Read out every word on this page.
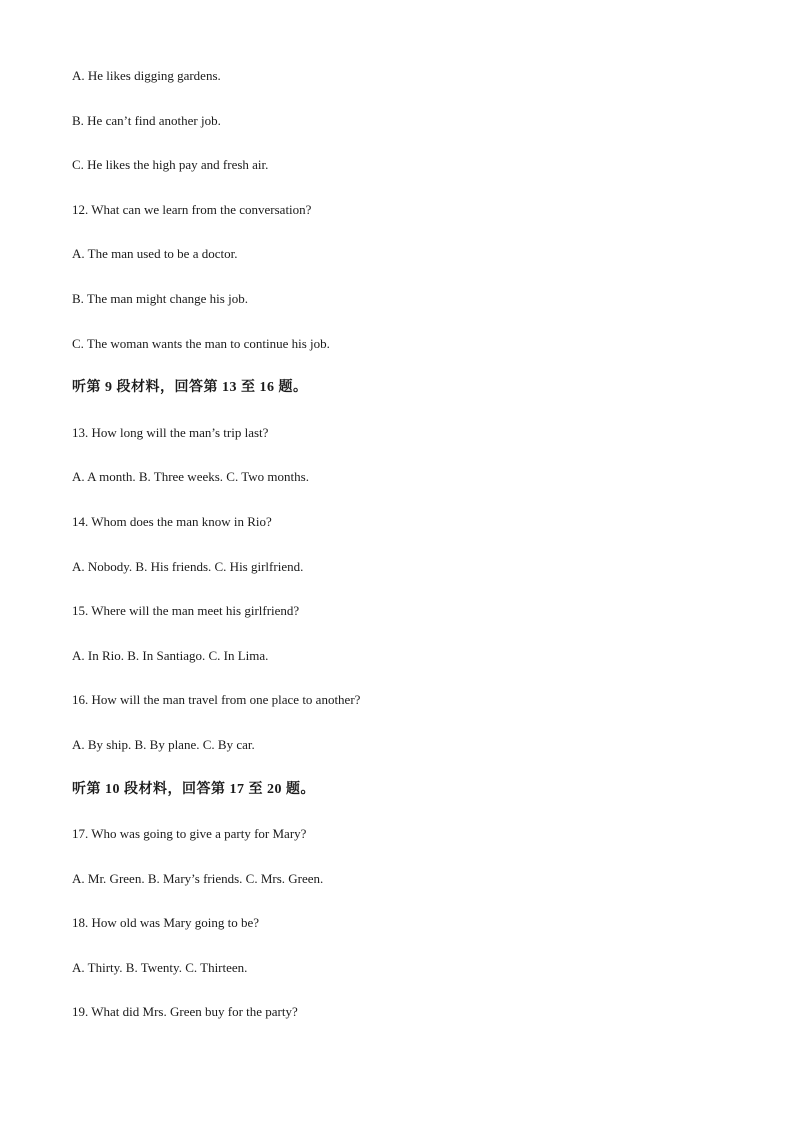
A. He likes digging gardens.
B. He can’t find another job.
C. He likes the high pay and fresh air.
12. What can we learn from the conversation?
A. The man used to be a doctor.
B. The man might change his job.
C. The woman wants the man to continue his job.
听第 9 段材料，回答第 13 至 16 题。
13. How long will the man’s trip last?
A. A month. B. Three weeks. C. Two months.
14. Whom does the man know in Rio?
A. Nobody. B. His friends. C. His girlfriend.
15. Where will the man meet his girlfriend?
A. In Rio. B. In Santiago. C. In Lima.
16. How will the man travel from one place to another?
A. By ship. B. By plane. C. By car.
听第 10 段材料，回答第 17 至 20 题。
17. Who was going to give a party for Mary?
A. Mr. Green. B. Mary’s friends. C. Mrs. Green.
18. How old was Mary going to be?
A. Thirty. B. Twenty. C. Thirteen.
19. What did Mrs. Green buy for the party?
